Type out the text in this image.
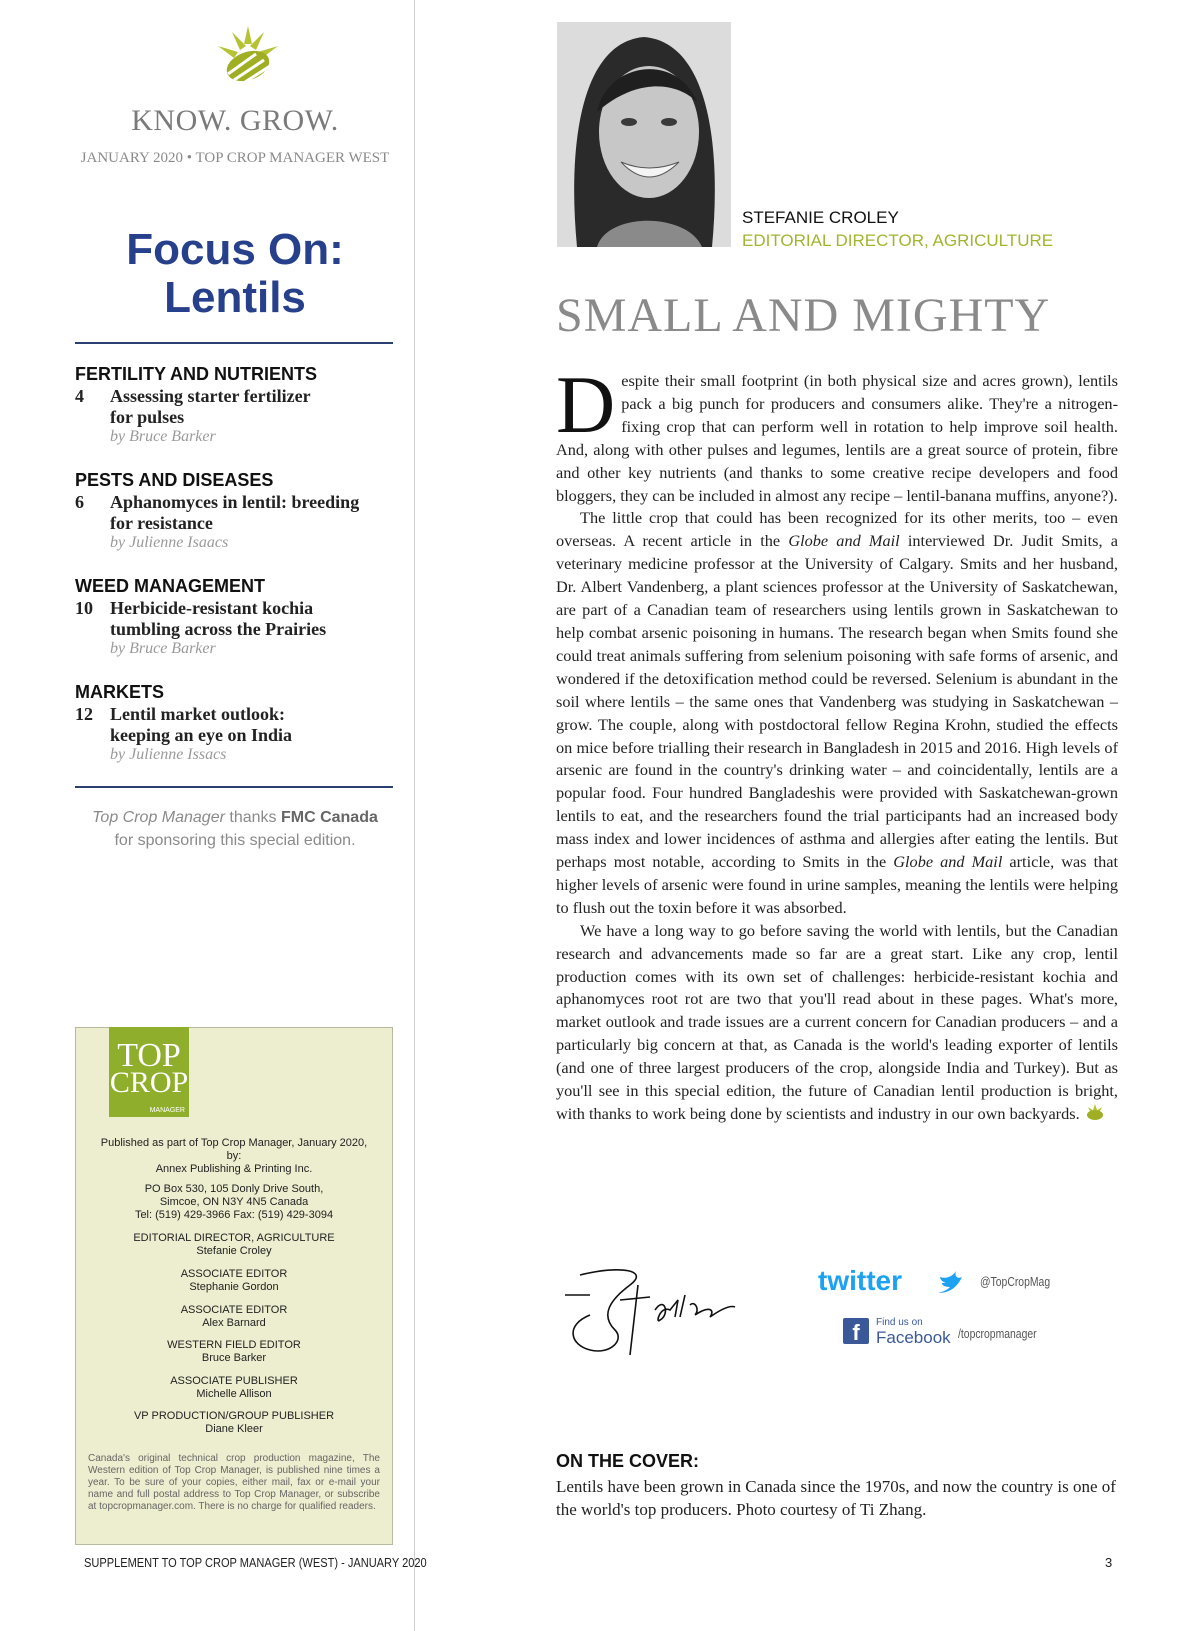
KNOW. GROW.
JANUARY 2020 • TOP CROP MANAGER WEST
Focus On:
Lentils
FERTILITY AND NUTRIENTS
4 Assessing starter fertilizer
for pulses
by Bruce Barker
PESTS AND DISEASES
6 Aphanomyces in lentil: breeding
for resistance
by Julienne Isaacs
WEED MANAGEMENT
10 Herbicide-resistant kochia
tumbling across the Prairies
by Bruce Barker
MARKETS
12 Lentil market outlook:
keeping an eye on India
by Julienne Issacs
Top Crop Manager thanks FMC Canada
for sponsoring this special edition.
TOP
CROP
MANAGER
Published as part of Top Crop Manager, January 2020,
by:
Annex Publishing & Printing Inc.
PO Box 530, 105 Donly Drive South,
Simcoe, ON N3Y 4N5 Canada
Tel: (519) 429-3966 Fax: (519) 429-3094
EDITORIAL DIRECTOR, AGRICULTURE
Stefanie Croley
ASSOCIATE EDITOR
Stephanie Gordon
ASSOCIATE EDITOR
Alex Barnard
WESTERN FIELD EDITOR
Bruce Barker
ASSOCIATE PUBLISHER
Michelle Allison
VP PRODUCTION/GROUP PUBLISHER
Diane Kleer
Canada's original technical crop production magazine, The Western edition of Top Crop Manager, is published nine times a year. To be sure of your copies, either mail, fax or e-mail your name and full postal address to Top Crop Manager, or subscribe at topcropmanager.com. There is no charge for qualified readers.
SUPPLEMENT TO TOP CROP MANAGER (WEST) - JANUARY 2020	3
STEFANIE CROLEY
EDITORIAL DIRECTOR, AGRICULTURE
SMALL AND MIGHTY

Despite their small footprint (in both physical size and acres grown), lentils pack a big punch for producers and consumers alike. They're a nitrogen-fixing crop that can perform well in rotation to help improve soil health. And, along with other pulses and legumes, lentils are a great source of protein, fibre and other key nutrients (and thanks to some creative recipe developers and food bloggers, they can be included in almost any recipe – lentil-banana muffins, anyone?).

The little crop that could has been recognized for its other merits, too – even overseas. A recent article in the Globe and Mail interviewed Dr. Judit Smits, a veterinary medicine professor at the University of Calgary. Smits and her husband, Dr. Albert Vandenberg, a plant sciences professor at the University of Saskatchewan, are part of a Canadian team of researchers using lentils grown in Saskatchewan to help combat arsenic poisoning in humans. The research began when Smits found she could treat animals suffering from selenium poisoning with safe forms of arsenic, and wondered if the detoxification method could be reversed. Selenium is abundant in the soil where lentils – the same ones that Vandenberg was studying in Saskatchewan – grow. The couple, along with postdoctoral fellow Regina Krohn, studied the effects on mice before trialling their research in Bangladesh in 2015 and 2016. High levels of arsenic are found in the country's drinking water – and coincidentally, lentils are a popular food. Four hundred Bangladeshis were provided with Saskatchewan-grown lentils to eat, and the researchers found the trial participants had an increased body mass index and lower incidences of asthma and allergies after eating the lentils. But perhaps most notable, according to Smits in the Globe and Mail article, was that higher levels of arsenic were found in urine samples, meaning the lentils were helping to flush out the toxin before it was absorbed.

We have a long way to go before saving the world with lentils, but the Canadian research and advancements made so far are a great start. Like any crop, lentil production comes with its own set of challenges: herbicide-resistant kochia and aphanomyces root rot are two that you'll read about in these pages. What's more, market outlook and trade issues are a current concern for Canadian producers – and a particularly big concern at that, as Canada is the world's leading exporter of lentils (and one of three largest producers of the crop, alongside India and Turkey). But as you'll see in this special edition, the future of Canadian lentil production is bright, with thanks to work being done by scientists and industry in our own backyards.

twitter	@TopCropMag
f	Find us on
Facebook /topcropmanager
ON THE COVER:
Lentils have been grown in Canada since the 1970s, and now the country is one of the world's top producers. Photo courtesy of Ti Zhang.
